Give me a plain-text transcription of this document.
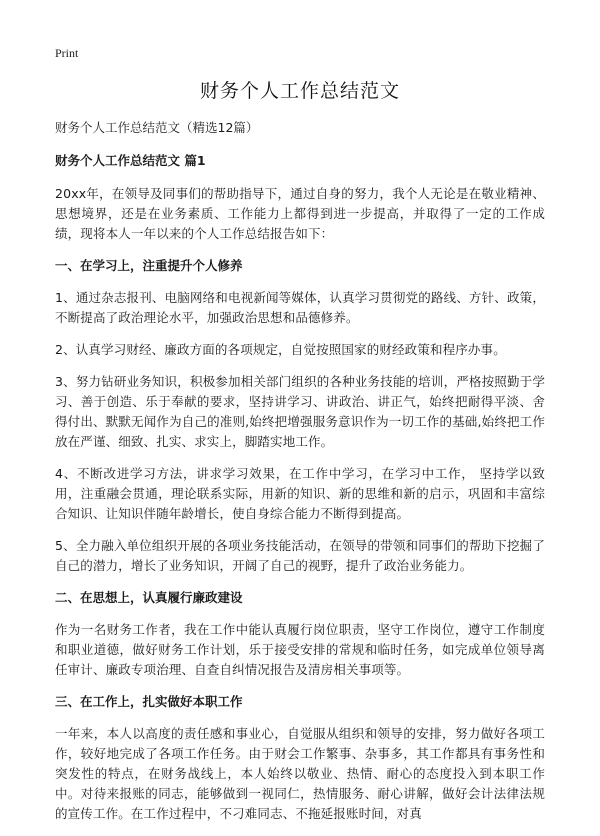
Print
财务个人工作总结范文
财务个人工作总结范文（精选12篇）
财务个人工作总结范文 篇1
20xx年，在领导及同事们的帮助指导下，通过自身的努力，我个人无论是在敬业精神、思想境界，还是在业务素质、工作能力上都得到进一步提高，并取得了一定的工作成绩，现将本人一年以来的个人工作总结报告如下：
一、在学习上，注重提升个人修养
1、通过杂志报刊、电脑网络和电视新闻等媒体，认真学习贯彻党的路线、方针、政策，不断提高了政治理论水平，加强政治思想和品德修养。
2、认真学习财经、廉政方面的各项规定，自觉按照国家的财经政策和程序办事。
3、努力钻研业务知识，积极参加相关部门组织的各种业务技能的培训，严格按照勤于学习、善于创造、乐于奉献的要求，坚持讲学习、讲政治、讲正气，始终把耐得平淡、舍得付出、默默无闻作为自己的准则,始终把增强服务意识作为一切工作的基础,始终把工作放在严谨、细致、扎实、求实上，脚踏实地工作。
4、不断改进学习方法，讲求学习效果，在工作中学习，在学习中工作， 坚持学以致用，注重融会贯通，理论联系实际，用新的知识、新的思维和新的启示，巩固和丰富综合知识、让知识伴随年龄增长，使自身综合能力不断得到提高。
5、全力融入单位组织开展的各项业务技能活动，在领导的带领和同事们的帮助下挖掘了自己的潜力，增长了业务知识，开阔了自己的视野，提升了政治业务能力。
二、在思想上，认真履行廉政建设
作为一名财务工作者，我在工作中能认真履行岗位职责，坚守工作岗位，遵守工作制度和职业道德，做好财务工作计划，乐于接受安排的常规和临时任务，如完成单位领导离任审计、廉政专项治理、自查自纠情况报告及清房相关事项等。
三、在工作上，扎实做好本职工作
一年来，本人以高度的责任感和事业心，自觉服从组织和领导的安排，努力做好各项工作，较好地完成了各项工作任务。由于财会工作繁事、杂事多，其工作都具有事务性和突发性的特点，在财务战线上，本人始终以敬业、热情、耐心的态度投入到本职工作中。对待来报账的同志，能够做到一视同仁，热情服务、耐心讲解，做好会计法律法规的宣传工作。在工作过程中，不刁难同志、不拖延报账时间，对真
